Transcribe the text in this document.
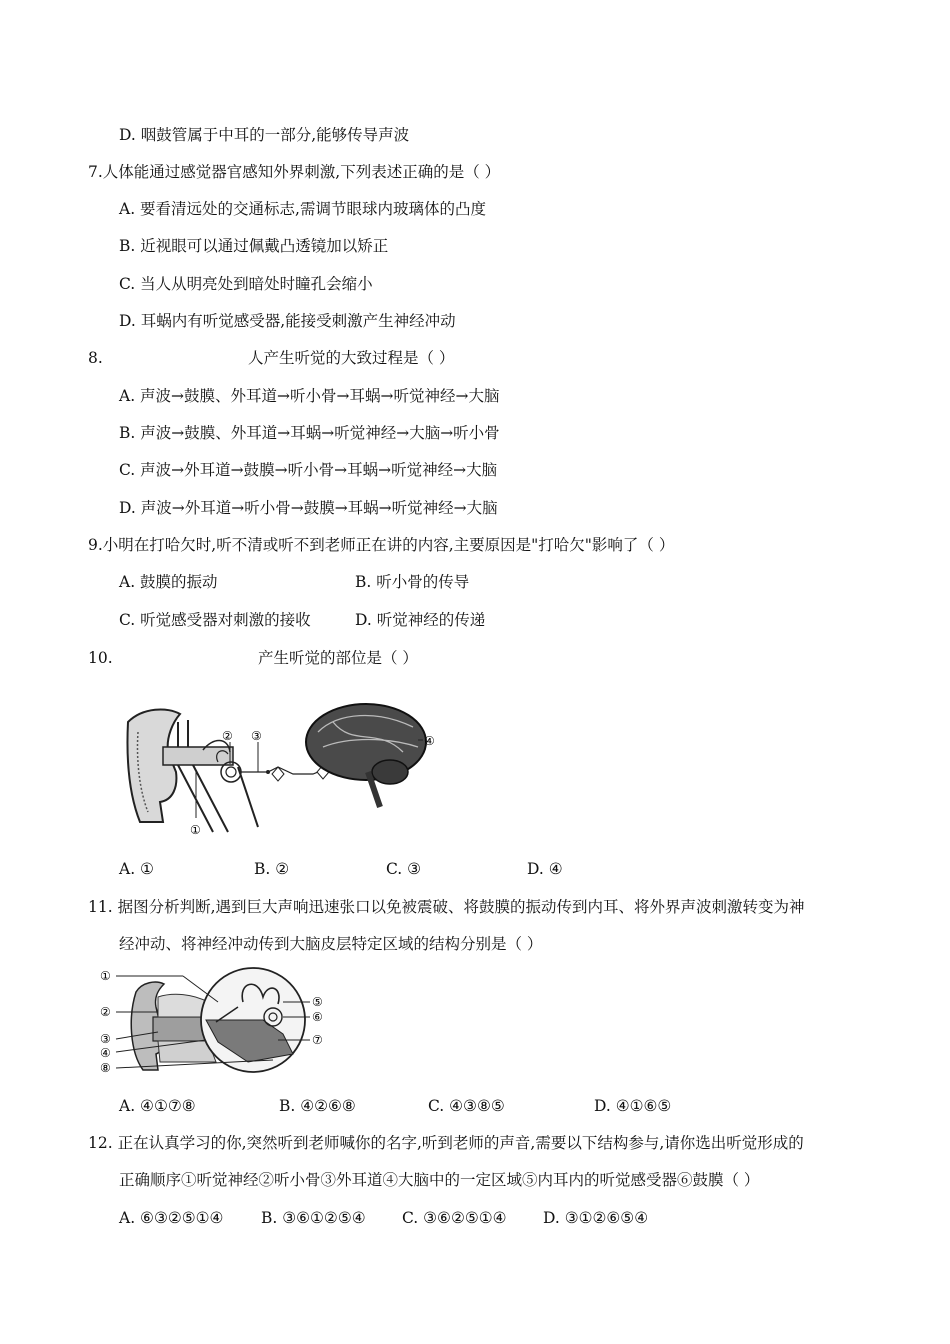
D. 咽鼓管属于中耳的一部分,能够传导声波
7.人体能通过感觉器官感知外界刺激,下列表述正确的是（ ）
A. 要看清远处的交通标志,需调节眼球内玻璃体的凸度
B. 近视眼可以通过佩戴凸透镜加以矫正
C. 当人从明亮处到暗处时瞳孔会缩小
D. 耳蜗内有听觉感受器,能接受刺激产生神经冲动
8.	人产生听觉的大致过程是（ ）
A. 声波→鼓膜、外耳道→听小骨→耳蜗→听觉神经→大脑
B. 声波→鼓膜、外耳道→耳蜗→听觉神经→大脑→听小骨
C. 声波→外耳道→鼓膜→听小骨→耳蜗→听觉神经→大脑
D. 声波→外耳道→听小骨→鼓膜→耳蜗→听觉神经→大脑
9.小明在打哈欠时,听不清或听不到老师正在讲的内容,主要原因是"打哈欠"影响了（ ）
A. 鼓膜的振动	B. 听小骨的传导
C. 听觉感受器对刺激的接收	D. 听觉神经的传递
10.	产生听觉的部位是（ ）
② ③
①
④
A. ①	B. ②	C. ③	D. ④
11. 据图分析判断,遇到巨大声响迅速张口以免被震破、将鼓膜的振动传到内耳、将外界声波刺激转变为神
经冲动、将神经冲动传到大脑皮层特定区域的结构分别是（ ）
①
②
③
④
⑧
⑤
⑥
⑦
A. ④①⑦⑧	B. ④②⑥⑧	C. ④③⑧⑤	D. ④①⑥⑤
12. 正在认真学习的你,突然听到老师喊你的名字,听到老师的声音,需要以下结构参与,请你选出听觉形成的
正确顺序①听觉神经②听小骨③外耳道④大脑中的一定区域⑤内耳内的听觉感受器⑥鼓膜（ ）
A. ⑥③②⑤①④ B. ③⑥①②⑤④ C. ③⑥②⑤①④ D. ③①②⑥⑤④
